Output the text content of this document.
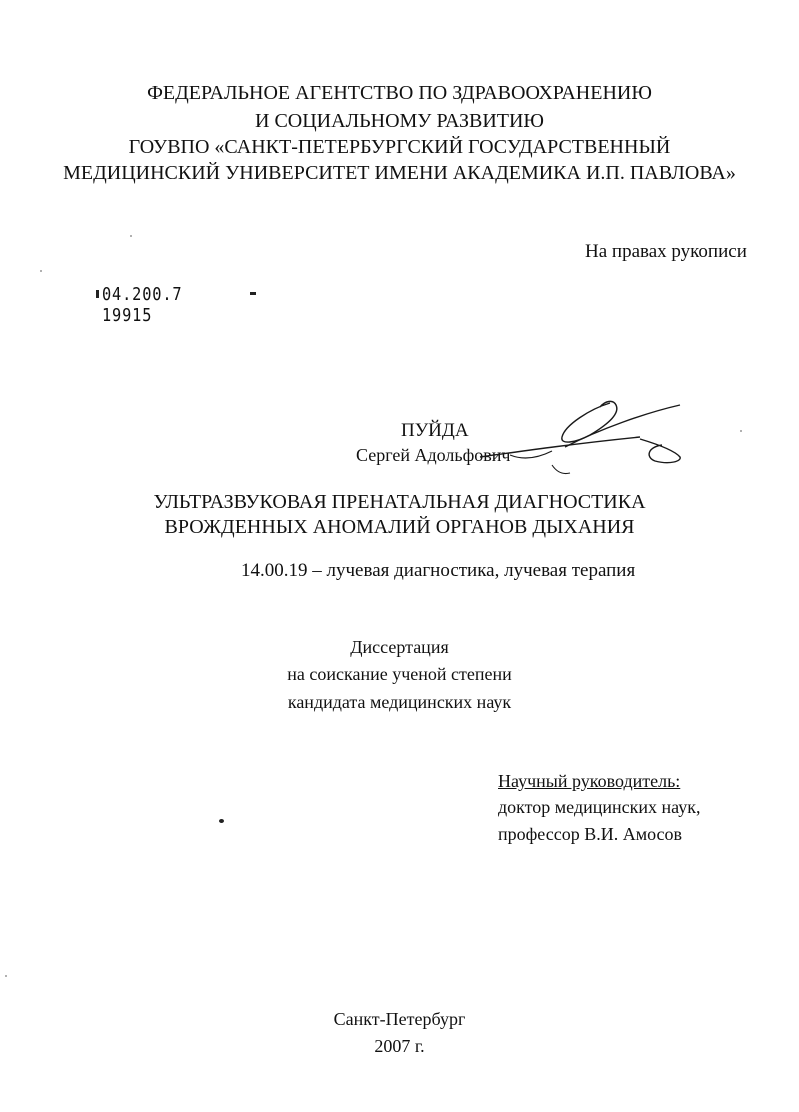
ФЕДЕРАЛЬНОЕ АГЕНТСТВО ПО ЗДРАВООХРАНЕНИЮ
И СОЦИАЛЬНОМУ РАЗВИТИЮ
ГОУВПО «САНКТ-ПЕТЕРБУРГСКИЙ ГОСУДАРСТВЕННЫЙ
МЕДИЦИНСКИЙ УНИВЕРСИТЕТ ИМЕНИ АКАДЕМИКА И.П. ПАВЛОВА»
На правах рукописи
04.200.7 19915
ПУЙДА
Сергей Адольфович
УЛЬТРАЗВУКОВАЯ ПРЕНАТАЛЬНАЯ ДИАГНОСТИКА
ВРОЖДЕННЫХ АНОМАЛИЙ ОРГАНОВ ДЫХАНИЯ
14.00.19 – лучевая диагностика, лучевая терапия
Диссертация
на соискание ученой степени
кандидата медицинских наук
Научный руководитель:
доктор медицинских наук,
профессор В.И. Амосов
Санкт-Петербург
2007 г.
